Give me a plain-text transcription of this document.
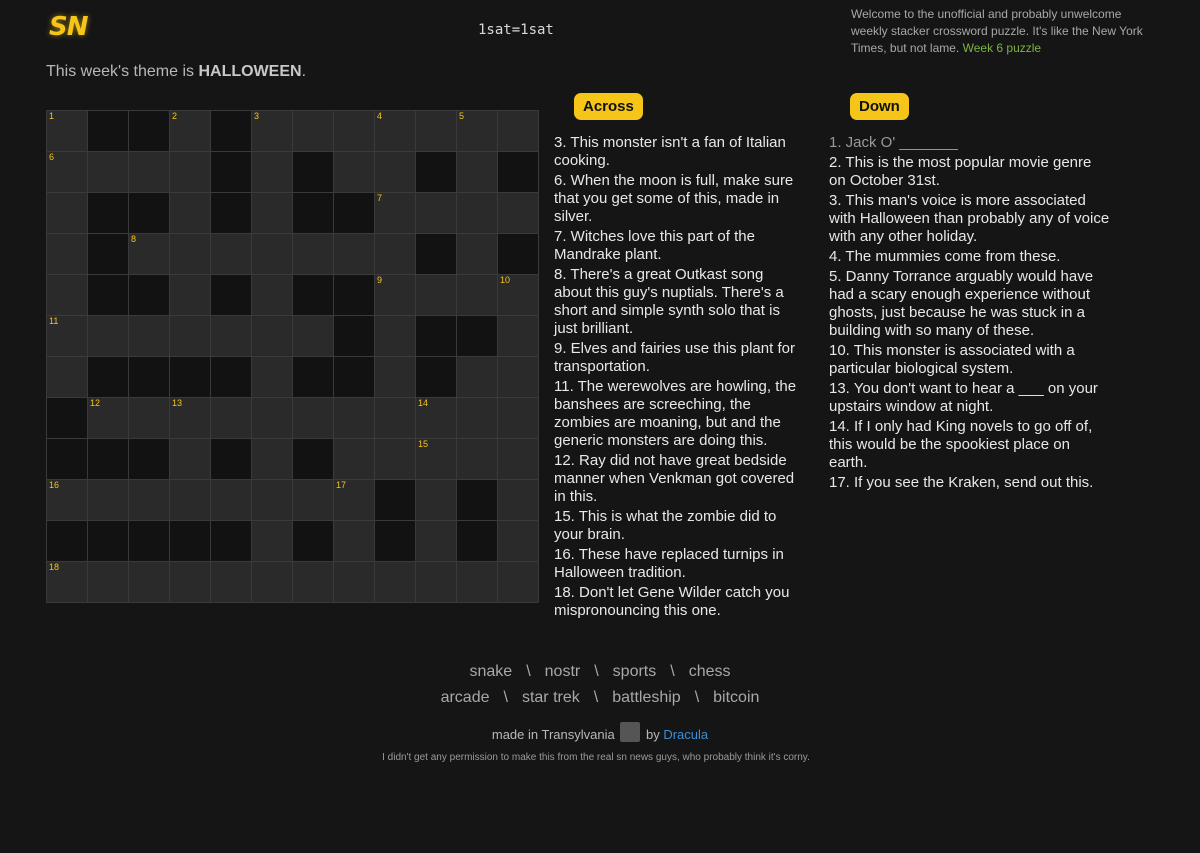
SN	1sat=1sat
Welcome to the unofficial and probably unwelcome weekly stacker crossword puzzle. It's like the New York Times, but not lame. Week 6 puzzle
This week's theme is HALLOWEEN.
1	2	3	4	5
6
7
8
9	10
11
12	13	14
15
16	17
18
Across	Down
3. This monster isn't a fan of Italian cooking.
6. When the moon is full, make sure that you get some of this, made in silver.
7. Witches love this part of the Mandrake plant.
8. There's a great Outkast song about this guy's nuptials. There's a short and simple synth solo that is just brilliant.
9. Elves and fairies use this plant for transportation.
11. The werewolves are howling, the banshees are screeching, the zombies are moaning, but and the generic monsters are doing this.
12. Ray did not have great bedside manner when Venkman got covered in this.
15. This is what the zombie did to your brain.
16. These have replaced turnips in Halloween tradition.
18. Don't let Gene Wilder catch you mispronouncing this one.
1. Jack O' _______
2. This is the most popular movie genre on October 31st.
3. This man's voice is more associated with Halloween than probably any of voice with any other holiday.
4. The mummies come from these.
5. Danny Torrance arguably would have had a scary enough experience without ghosts, just because he was stuck in a building with so many of these.
10. This monster is associated with a particular biological system.
13. You don't want to hear a ___ on your upstairs window at night.
14. If I only had King novels to go off of, this would be the spookiest place on earth.
17. If you see the Kraken, send out this.
snake \ nostr \ sports \ chess
arcade \ star trek \ battleship \ bitcoin
made in Transylvania by Dracula
I didn't get any permission to make this from the real sn news guys, who probably think it's corny.
